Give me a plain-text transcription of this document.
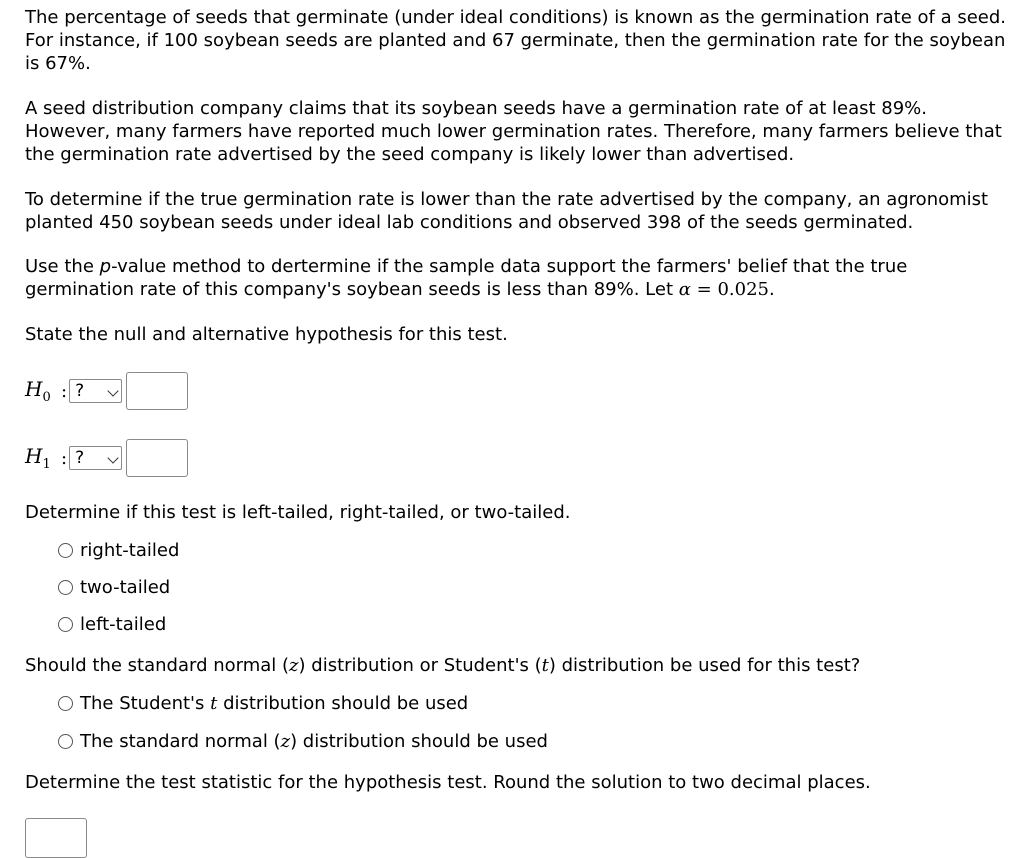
The percentage of seeds that germinate (under ideal conditions) is known as the germination rate of a seed. For instance, if 100 soybean seeds are planted and 67 germinate, then the germination rate for the soybean is 67%.

A seed distribution company claims that its soybean seeds have a germination rate of at least 89%. However, many farmers have reported much lower germination rates. Therefore, many farmers believe that the germination rate advertised by the seed company is likely lower than advertised.

To determine if the true germination rate is lower than the rate advertised by the company, an agronomist planted 450 soybean seeds under ideal lab conditions and observed 398 of the seeds germinated.

Use the p-value method to dertermine if the sample data support the farmers' belief that the true germination rate of this company's soybean seeds is less than 89%. Let α = 0.025.

State the null and alternative hypothesis for this test.

$H_0$ : ?
$H_1$ : ?

Determine if this test is left-tailed, right-tailed, or two-tailed.

right-tailed
two-tailed
left-tailed

Should the standard normal (z) distribution or Student's (t) distribution be used for this test?

The Student's t distribution should be used
The standard normal (z) distribution should be used

Determine the test statistic for the hypothesis test. Round the solution to two decimal places.
